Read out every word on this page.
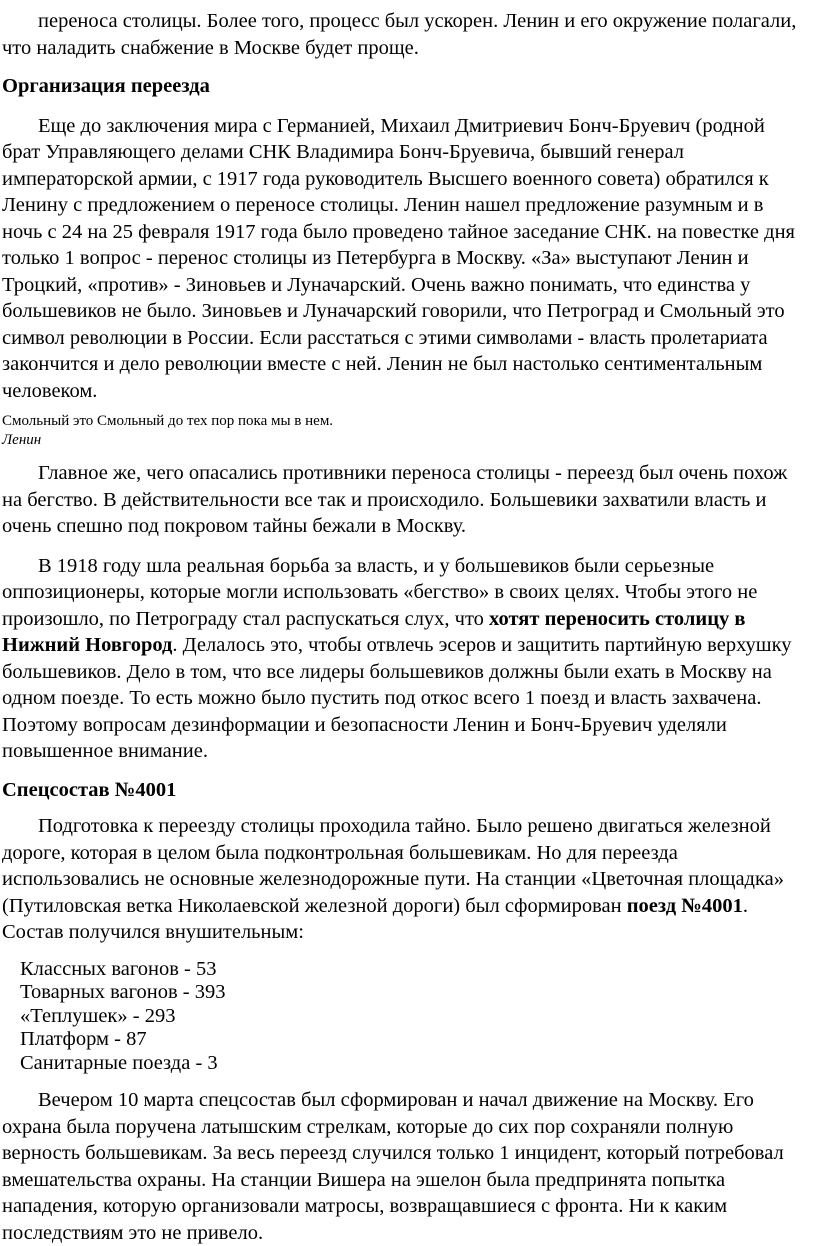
переноса столицы. Более того, процесс был ускорен. Ленин и его окружение полагали, что наладить снабжение в Москве будет проще.

Организация переезда

Еще до заключения мира с Германией, Михаил Дмитриевич Бонч-Бруевич (родной брат Управляющего делами СНК Владимира Бонч-Бруевича, бывший генерал императорской армии, с 1917 года руководитель Высшего военного совета) обратился к Ленину с предложением о переносе столицы. Ленин нашел предложение разумным и в ночь с 24 на 25 февраля 1917 года было проведено тайное заседание СНК. на повестке дня только 1 вопрос - перенос столицы из Петербурга в Москву. «За» выступают Ленин и Троцкий, «против» - Зиновьев и Луначарский. Очень важно понимать, что единства у большевиков не было. Зиновьев и Луначарский говорили, что Петроград и Смольный это символ революции в России. Если расстаться с этими символами - власть пролетариата закончится и дело революции вместе с ней. Ленин не был настолько сентиментальным человеком.

Смольный это Смольный до тех пор пока мы в нем.

Ленин

Главное же, чего опасались противники переноса столицы - переезд был очень похож на бегство. В действительности все так и происходило. Большевики захватили власть и очень спешно под покровом тайны бежали в Москву.

В 1918 году шла реальная борьба за власть, и у большевиков были серьезные оппозиционеры, которые могли использовать «бегство» в своих целях. Чтобы этого не произошло, по Петрограду стал распускаться слух, что хотят переносить столицу в Нижний Новгород. Делалось это, чтобы отвлечь эсеров и защитить партийную верхушку большевиков. Дело в том, что все лидеры большевиков должны были ехать в Москву на одном поезде. То есть можно было пустить под откос всего 1 поезд и власть захвачена. Поэтому вопросам дезинформации и безопасности Ленин и Бонч-Бруевич уделяли повышенное внимание.

Спецсостав №4001

Подготовка к переезду столицы проходила тайно. Было решено двигаться железной дороге, которая в целом была подконтрольная большевикам. Но для переезда использовались не основные железнодорожные пути. На станции «Цветочная площадка» (Путиловская ветка Николаевской железной дороги) был сформирован поезд №4001. Состав получился внушительным:

Классных вагонов - 53
Товарных вагонов - 393
«Теплушек» - 293
Платформ - 87
Санитарные поезда - 3

Вечером 10 марта спецсостав был сформирован и начал движение на Москву. Его охрана была поручена латышским стрелкам, которые до сих пор сохраняли полную верность большевикам. За весь переезд случился только 1 инцидент, который потребовал вмешательства охраны. На станции Вишера на эшелон была предпринята попытка нападения, которую организовали матросы, возвращавшиеся с фронта. Ни к каким последствиям это не привело.
